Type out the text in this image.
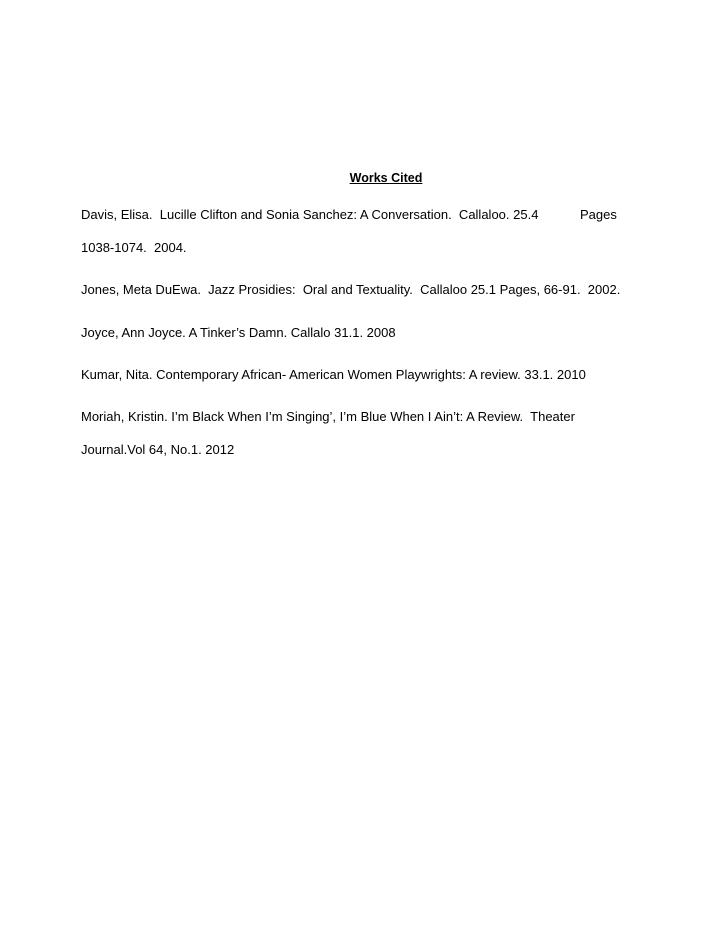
Works Cited
Davis, Elisa.  Lucille Clifton and Sonia Sanchez: A Conversation.  Callaloo. 25.4	Pages
1038-1074.  2004.
Jones, Meta DuEwa.  Jazz Prosidies:  Oral and Textuality.  Callaloo 25.1 Pages, 66-91.  2002.
Joyce, Ann Joyce. A Tinker’s Damn. Callalo 31.1. 2008
Kumar, Nita. Contemporary African- American Women Playwrights: A review. 33.1. 2010
Moriah, Kristin. I’m Black When I’m Singing’, I’m Blue When I Ain’t: A Review.  Theater
Journal.Vol 64, No.1. 2012
